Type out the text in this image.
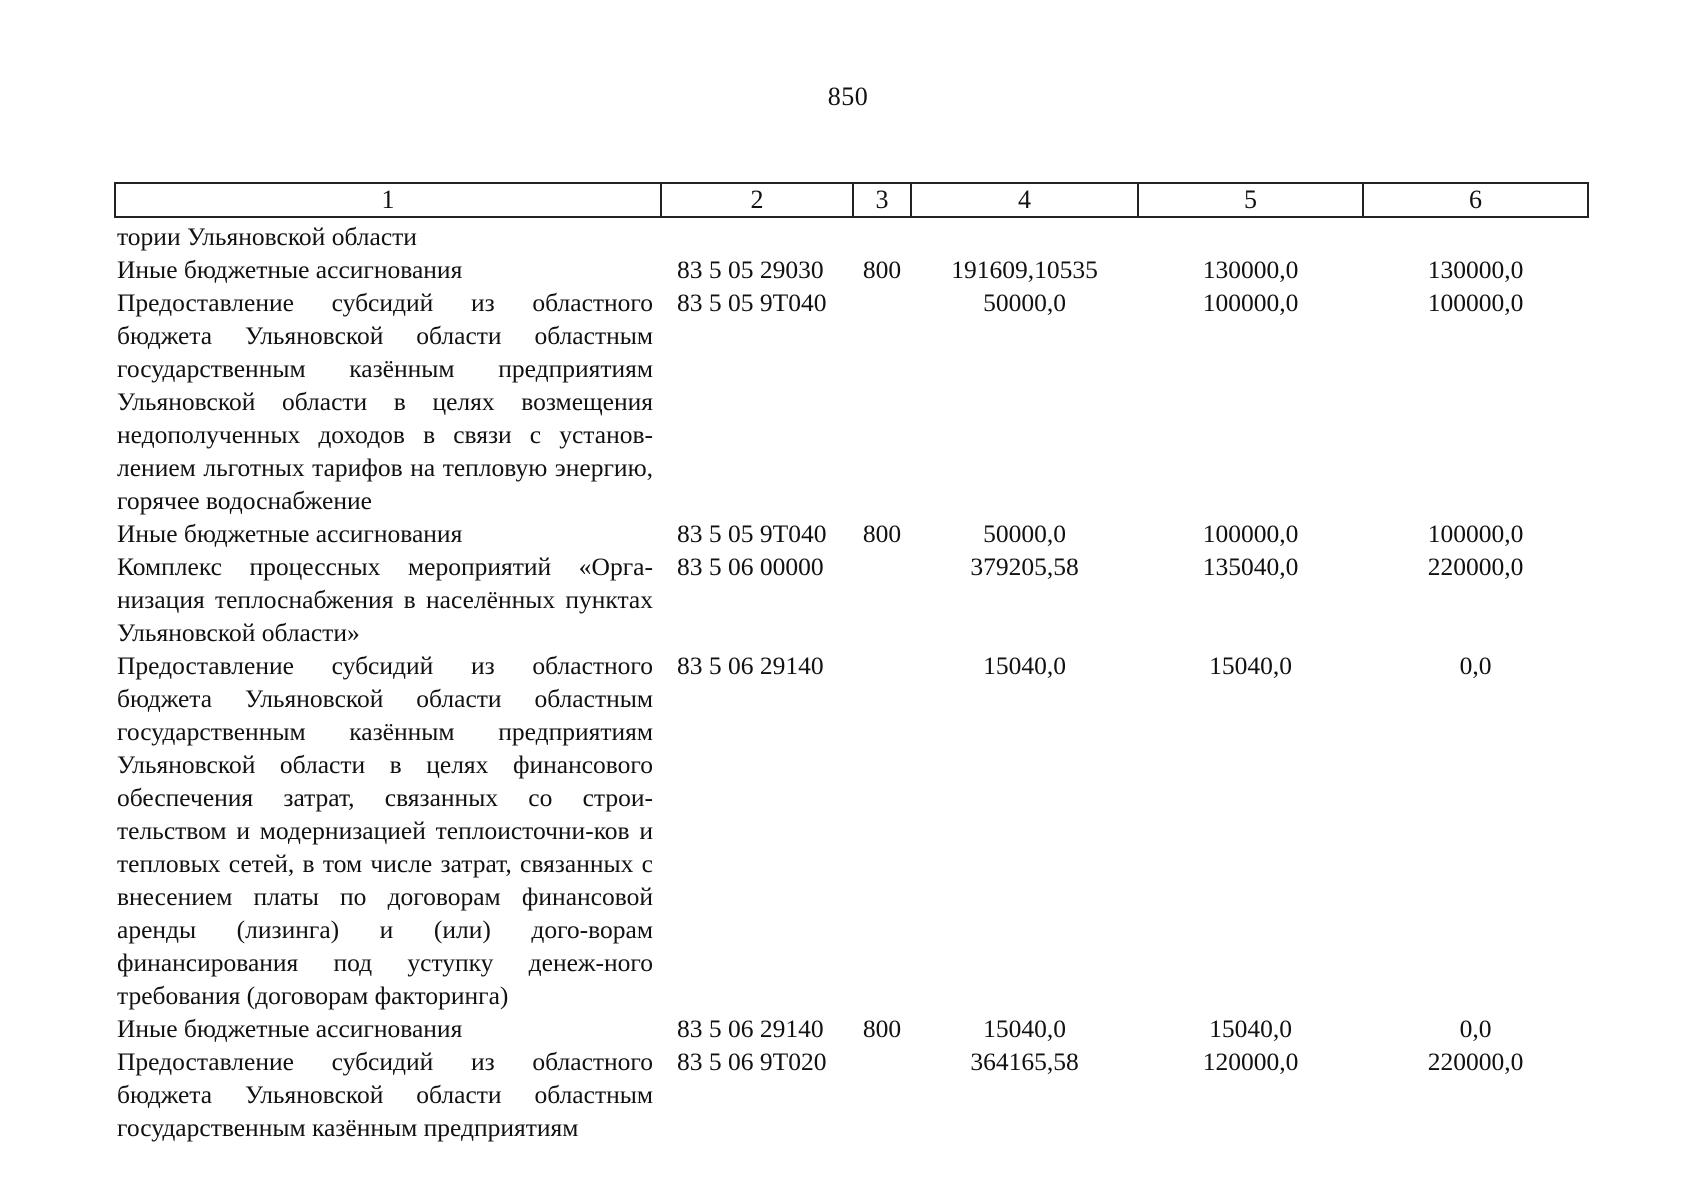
850
1	2	3	4	5	6
тории Ульяновской области					
Иные бюджетные ассигнования	83 5 05 29030	800	191609,10535	130000,0	130000,0
Предоставление субсидий из областного бюджета Ульяновской области областным государственным казённым предприятиям Ульяновской области в целях возмещения недополученных доходов в связи с установ-лением льготных тарифов на тепловую энергию, горячее водоснабжение	83 5 05 9Т040		50000,0	100000,0	100000,0
Иные бюджетные ассигнования	83 5 05 9Т040	800	50000,0	100000,0	100000,0
Комплекс процессных мероприятий «Орга-низация теплоснабжения в населённых пунктах Ульяновской области»	83 5 06 00000		379205,58	135040,0	220000,0
Предоставление субсидий из областного бюджета Ульяновской области областным государственным казённым предприятиям Ульяновской области в целях финансового обеспечения затрат, связанных со строи-тельством и модернизацией теплоисточни-ков и тепловых сетей, в том числе затрат, связанных с внесением платы по договорам финансовой аренды (лизинга) и (или) дого-ворам финансирования под уступку денеж-ного требования (договорам факторинга)	83 5 06 29140		15040,0	15040,0	0,0
Иные бюджетные ассигнования	83 5 06 29140	800	15040,0	15040,0	0,0
Предоставление субсидий из областного бюджета Ульяновской области областным государственным казённым предприятиям	83 5 06 9Т020		364165,58	120000,0	220000,0
